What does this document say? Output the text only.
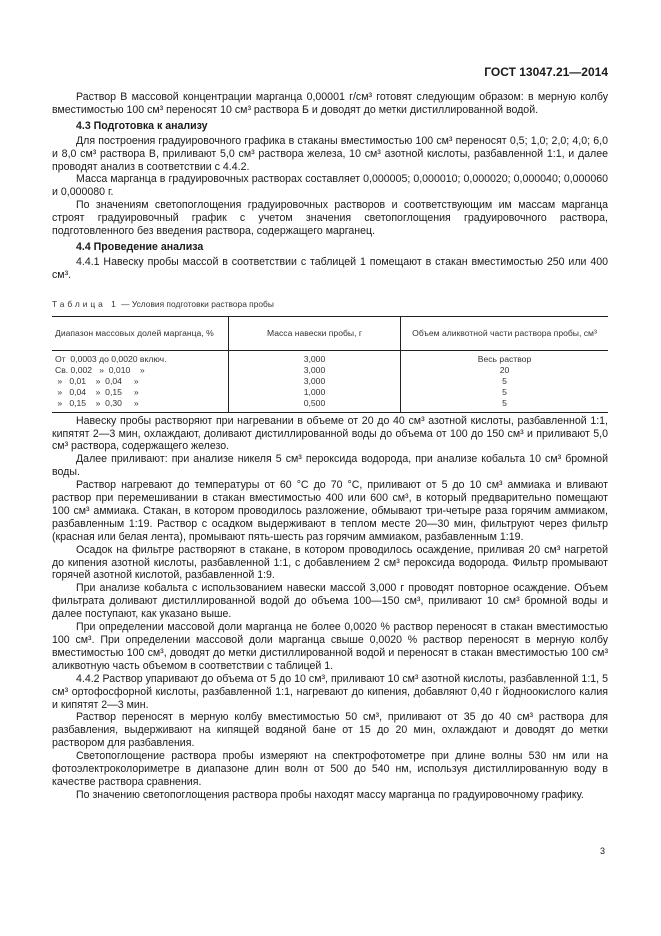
ГОСТ 13047.21—2014
Раствор В массовой концентрации марганца 0,00001 г/см³ готовят следующим образом: в мерную колбу вместимостью 100 см³ переносят 10 см³ раствора Б и доводят до метки дистиллированной водой.
4.3 Подготовка к анализу
Для построения градуировочного графика в стаканы вместимостью 100 см³ переносят 0,5; 1,0; 2,0; 4,0; 6,0 и 8,0 см³ раствора В, приливают 5,0 см³ раствора железа, 10 см³ азотной кислоты, разбавленной 1:1, и далее проводят анализ в соответствии с 4.4.2.
Масса марганца в градуировочных растворах составляет 0,000005; 0,000010; 0,000020; 0,000040; 0,000060 и 0,000080 г.
По значениям светопоглощения градуировочных растворов и соответствующим им массам марганца строят градуировочный график с учетом значения светопоглощения градуировочного раствора, подготовленного без введения раствора, содержащего марганец.
4.4 Проведение анализа
4.4.1 Навеску пробы массой в соответствии с таблицей 1 помещают в стакан вместимостью 250 или 400 см³.
Таблица 1 — Условия подготовки раствора пробы
Диапазон массовых долей марганца, %	Масса навески пробы, г	Объем аликвотной части раствора пробы, см³
От  0,0003 до 0,0020 включ.	3,000	Весь раствор
Св. 0,002   »  0,010    »	3,000	20
»   0,01    »  0,04     »	3,000	5
»   0,04    »  0,15     »	1,000	5
»   0,15    »  0,30     »	0,500	5
Навеску пробы растворяют при нагревании в объеме от 20 до 40 см³ азотной кислоты, разбавленной 1:1, кипятят 2—3 мин, охлаждают, доливают дистиллированной воды до объема от 100 до 150 см³ и приливают 5,0 см³ раствора, содержащего железо.
Далее приливают: при анализе никеля 5 см³ пероксида водорода, при анализе кобальта 10 см³ бромной воды.
Раствор нагревают до температуры от 60 °С до 70 °С, приливают от 5 до 10 см³ аммиака и вливают раствор при перемешивании в стакан вместимостью 400 или 600 см³, в который предварительно помещают 100 см³ аммиака. Стакан, в котором проводилось разложение, обмывают три-четыре раза горячим аммиаком, разбавленным 1:19. Раствор с осадком выдерживают в теплом месте 20—30 мин, фильтруют через фильтр (красная или белая лента), промывают пять-шесть раз горячим аммиаком, разбавленным 1:19.
Осадок на фильтре растворяют в стакане, в котором проводилось осаждение, приливая 20 см³ нагретой до кипения азотной кислоты, разбавленной 1:1, с добавлением 2 см³ пероксида водорода. Фильтр промывают горячей азотной кислотой, разбавленной 1:9.
При анализе кобальта с использованием навески массой 3,000 г проводят повторное осаждение. Объем фильтрата доливают дистиллированной водой до объема 100—150 см³, приливают 10 см³ бромной воды и далее поступают, как указано выше.
При определении массовой доли марганца не более 0,0020 % раствор переносят в стакан вместимостью 100 см³. При определении массовой доли марганца свыше 0,0020 % раствор переносят в мерную колбу вместимостью 100 см³, доводят до метки дистиллированной водой и переносят в стакан вместимостью 100 см³ аликвотную часть объемом в соответствии с таблицей 1.
4.4.2 Раствор упаривают до объема от 5 до 10 см³, приливают 10 см³ азотной кислоты, разбавленной 1:1, 5 см³ ортофосфорной кислоты, разбавленной 1:1, нагревают до кипения, добавляют 0,40 г йодноокислого калия и кипятят 2—3 мин.
Раствор переносят в мерную колбу вместимостью 50 см³, приливают от 35 до 40 см³ раствора для разбавления, выдерживают на кипящей водяной бане от 15 до 20 мин, охлаждают и доводят до метки раствором для разбавления.
Светопоглощение раствора пробы измеряют на спектрофотометре при длине волны 530 нм или на фотоэлектроколориметре в диапазоне длин волн от 500 до 540 нм, используя дистиллированную воду в качестве раствора сравнения.
По значению светопоглощения раствора пробы находят массу марганца по градуировочному графику.
3
